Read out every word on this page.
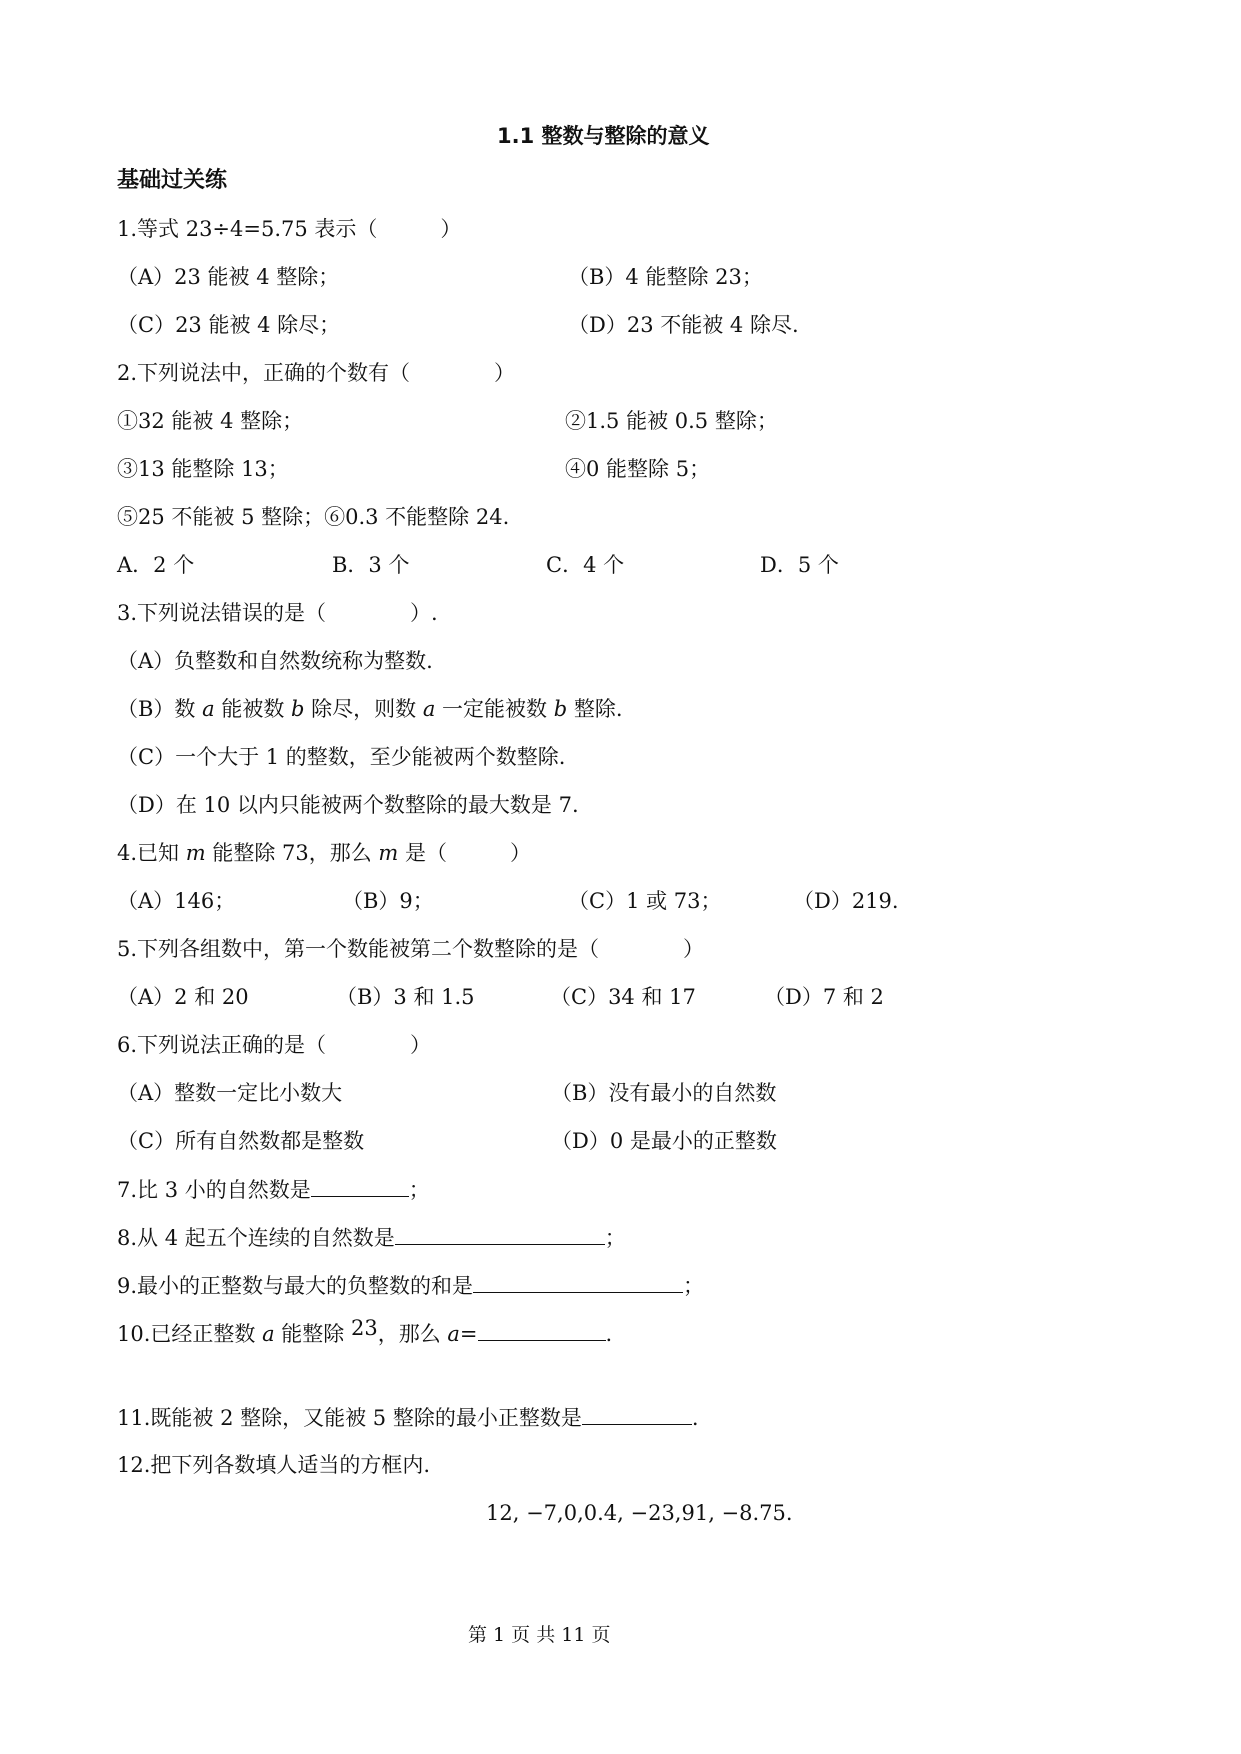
1.1 整数与整除的意义
基础过关练
1.等式 23÷4=5.75 表示（　　　）
（A）23 能被 4 整除；	（B）4 能整除 23；
（C）23 能被 4 除尽；	（D）23 不能被 4 除尽.
2.下列说法中，正确的个数有（　　　　）
①32 能被 4 整除；	②1.5 能被 0.5 整除；
③13 能整除 13；	④0 能整除 5；
⑤25 不能被 5 整除；⑥0.3 不能整除 24.
A．2 个	B．3 个	C．4 个	D．5 个
3.下列说法错误的是（　　　　）.
（A）负整数和自然数统称为整数.
（B）数 a 能被数 b 除尽，则数 a 一定能被数 b 整除.
（C）一个大于 1 的整数，至少能被两个数整除.
（D）在 10 以内只能被两个数整除的最大数是 7.
4.已知 m 能整除 73，那么 m 是（　　　）
（A）146；	（B）9；	（C）1 或 73；	（D）219.
5.下列各组数中，第一个数能被第二个数整除的是（　　　　）
（A）2 和 20	（B）3 和 1.5	（C）34 和 17	（D）7 和 2
6.下列说法正确的是（　　　　）
（A）整数一定比小数大	（B）没有最小的自然数
（C）所有自然数都是整数	（D）0 是最小的正整数
7.比 3 小的自然数是	；
8.从 4 起五个连续的自然数是	；
9.最小的正整数与最大的负整数的和是	；
10.已经正整数 a 能整除 23，那么 a=	.
11.既能被 2 整除，又能被 5 整除的最小正整数是	.
12.把下列各数填人适当的方框内.
12, −7,0,0.4, −23,91, −8.75.
第 1 页 共 11 页
